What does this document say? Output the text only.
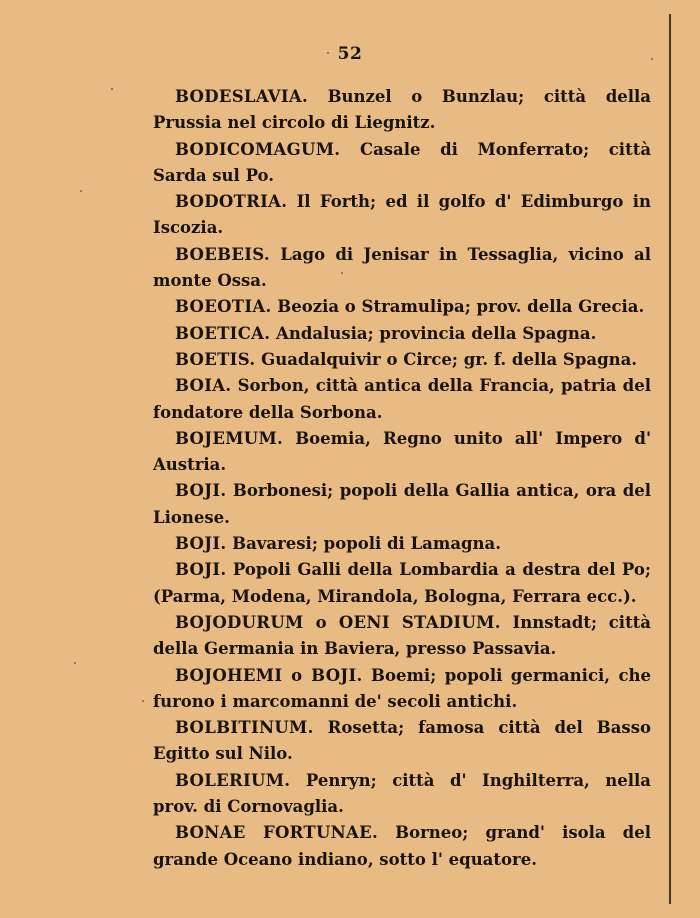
52

BODESLAVIA. Bunzel o Bunzlau; città della Prussia nel circolo di Liegnitz.

BODICOMAGUM. Casale di Monferrato; città Sarda sul Po.

BODOTRIA. Il Forth; ed il golfo d' Edimburgo in Iscozia.

BOEBEIS. Lago di Jenisar in Tessaglia, vicino al monte Ossa.

BOEOTIA. Beozia o Stramulipa; prov. della Grecia.

BOETICA. Andalusia; provincia della Spagna.

BOETIS. Guadalquivir o Circe; gr. f. della Spagna.

BOIA. Sorbon, città antica della Francia, patria del fondatore della Sorbona.

BOJEMUM. Boemia, Regno unito all' Impero d' Austria.

BOJI. Borbonesi; popoli della Gallia antica, ora del Lionese.

BOJI. Bavaresi; popoli di Lamagna.

BOJI. Popoli Galli della Lombardia a destra del Po; (Parma, Modena, Mirandola, Bologna, Ferrara ecc.).

BOJODURUM o OENI STADIUM. Innstadt; città della Germania in Baviera, presso Passavia.

BOJOHEMI o BOJI. Boemi; popoli germanici, che furono i marcomanni de' secoli antichi.

BOLBITINUM. Rosetta; famosa città del Basso Egitto sul Nilo.

BOLERIUM. Penryn; città d' Inghilterra, nella prov. di Cornovaglia.

BONAE FORTUNAE. Borneo; grand' isola del grande Oceano indiano, sotto l' equatore.
